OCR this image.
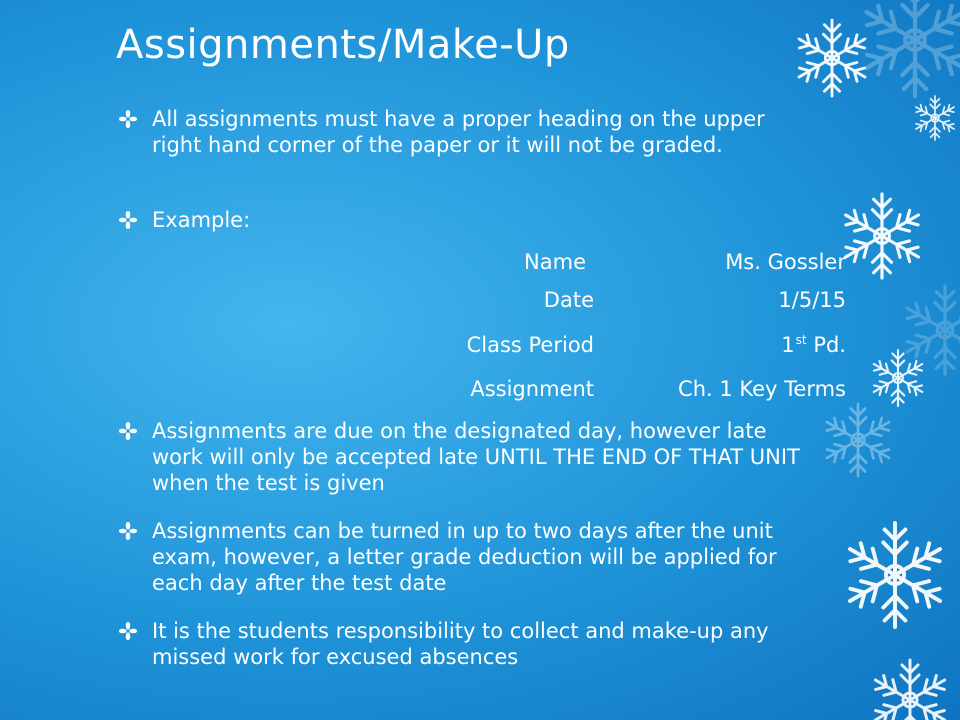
Assignments/Make-Up
All assignments must have a proper heading on the upper right hand corner of the paper or it will not be graded.
Example:
Name	Ms. Gossler
Date	1/5/15
Class Period	1st Pd.
Assignment	Ch. 1 Key Terms
Assignments are due on the designated day, however late work will only be accepted late UNTIL THE END OF THAT UNIT when the test is given
Assignments can be turned in up to two days after the unit exam, however, a letter grade deduction will be applied for each day after the test date
It is the students responsibility to collect and make-up any missed work for excused absences
